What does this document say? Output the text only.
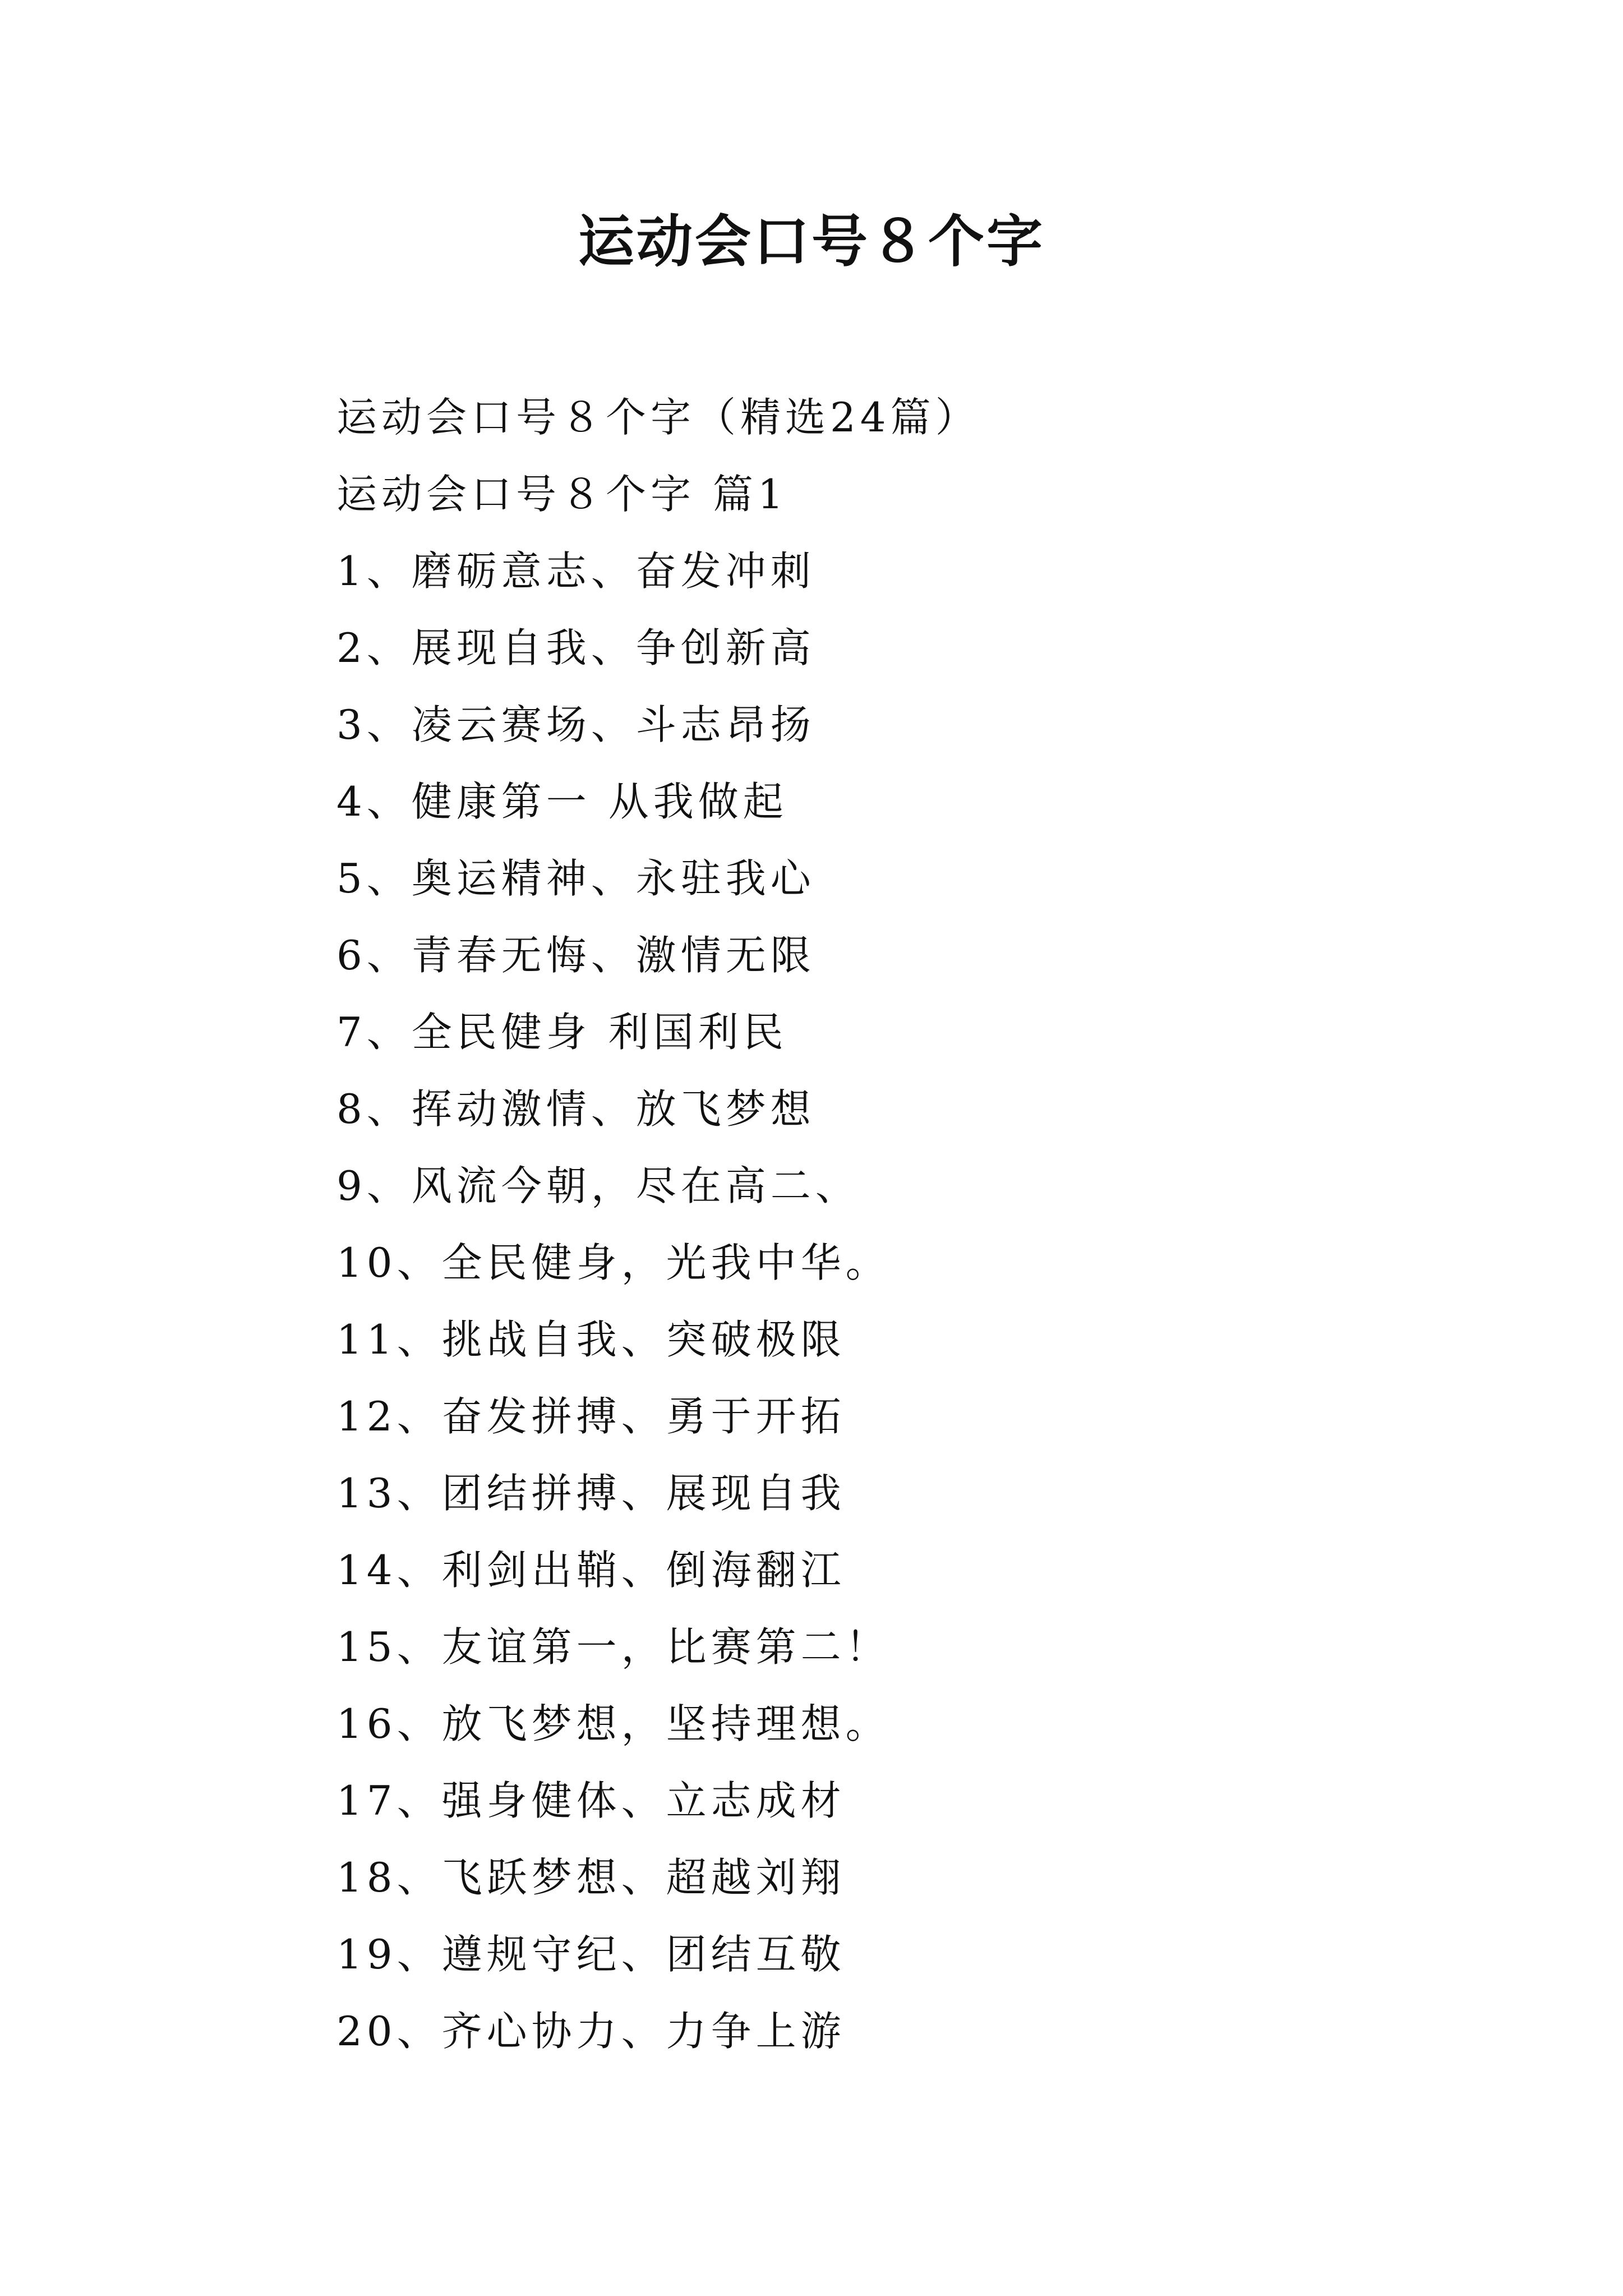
运动会口号８个字
运动会口号８个字（精选24篇）
运动会口号８个字 篇1
1、磨砺意志、奋发冲刺
2、展现自我、争创新高
3、凌云赛场、斗志昂扬
4、健康第一 从我做起
5、奥运精神、永驻我心
6、青春无悔、激情无限
7、全民健身 利国利民
8、挥动激情、放飞梦想
9、风流今朝，尽在高二、
10、全民健身，光我中华。
11、挑战自我、突破极限
12、奋发拼搏、勇于开拓
13、团结拼搏、展现自我
14、利剑出鞘、倒海翻江
15、友谊第一，比赛第二！
16、放飞梦想，坚持理想。
17、强身健体、立志成材
18、飞跃梦想、超越刘翔
19、遵规守纪、团结互敬
20、齐心协力、力争上游
